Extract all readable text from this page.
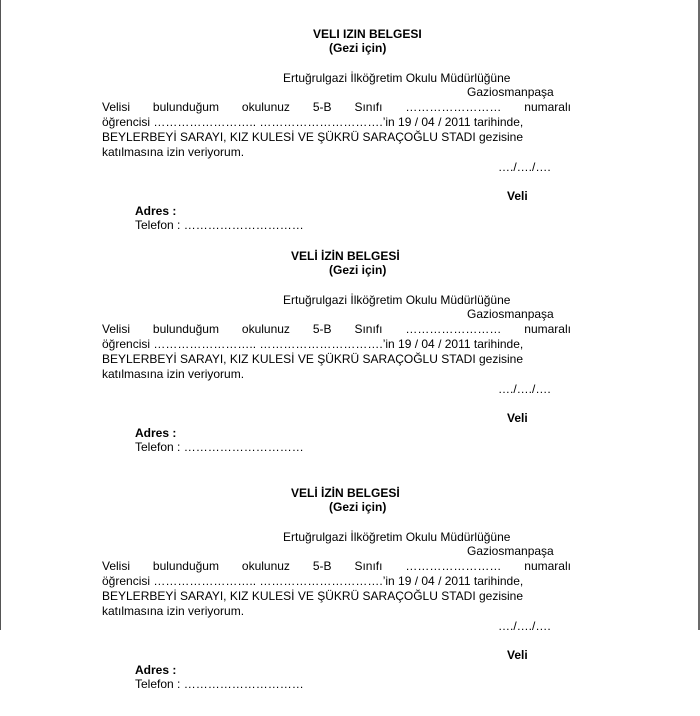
VELI IZIN BELGESI
(Gezi için)
Ertuğrulgazi İlköğretim Okulu Müdürlüğüne
Gaziosmanpaşa
Velisi bulunduğum okulunuz 5-B Sınıfı …………………… numaralı
öğrencisi …………………….. ………………………….’in 19 / 04 / 2011 tarihinde,
BEYLERBEYİ SARAYI, KIZ KULESİ VE ŞÜKRÜ SARAÇOĞLU STADI gezisine
katılmasına izin veriyorum.
…./…./….
Veli
Adres :
Telefon : …………………………
VELİ İZİN BELGESİ
(Gezi için)
Ertuğrulgazi İlköğretim Okulu Müdürlüğüne
Gaziosmanpaşa
Velisi bulunduğum okulunuz 5-B Sınıfı …………………… numaralı
öğrencisi …………………….. ………………………….’in 19 / 04 / 2011 tarihinde,
BEYLERBEYİ SARAYI, KIZ KULESİ VE ŞÜKRÜ SARAÇOĞLU STADI gezisine
katılmasına izin veriyorum.
…./…./….
Veli
Adres :
Telefon : …………………………
VELİ İZİN BELGESİ
(Gezi için)
Ertuğrulgazi İlköğretim Okulu Müdürlüğüne
Gaziosmanpaşa
Velisi bulunduğum okulunuz 5-B Sınıfı …………………… numaralı
öğrencisi …………………….. ………………………….’in 19 / 04 / 2011 tarihinde,
BEYLERBEYİ SARAYI, KIZ KULESİ VE ŞÜKRÜ SARAÇOĞLU STADI gezisine
katılmasına izin veriyorum.
…./…./….
Veli
Adres :
Telefon : …………………………
